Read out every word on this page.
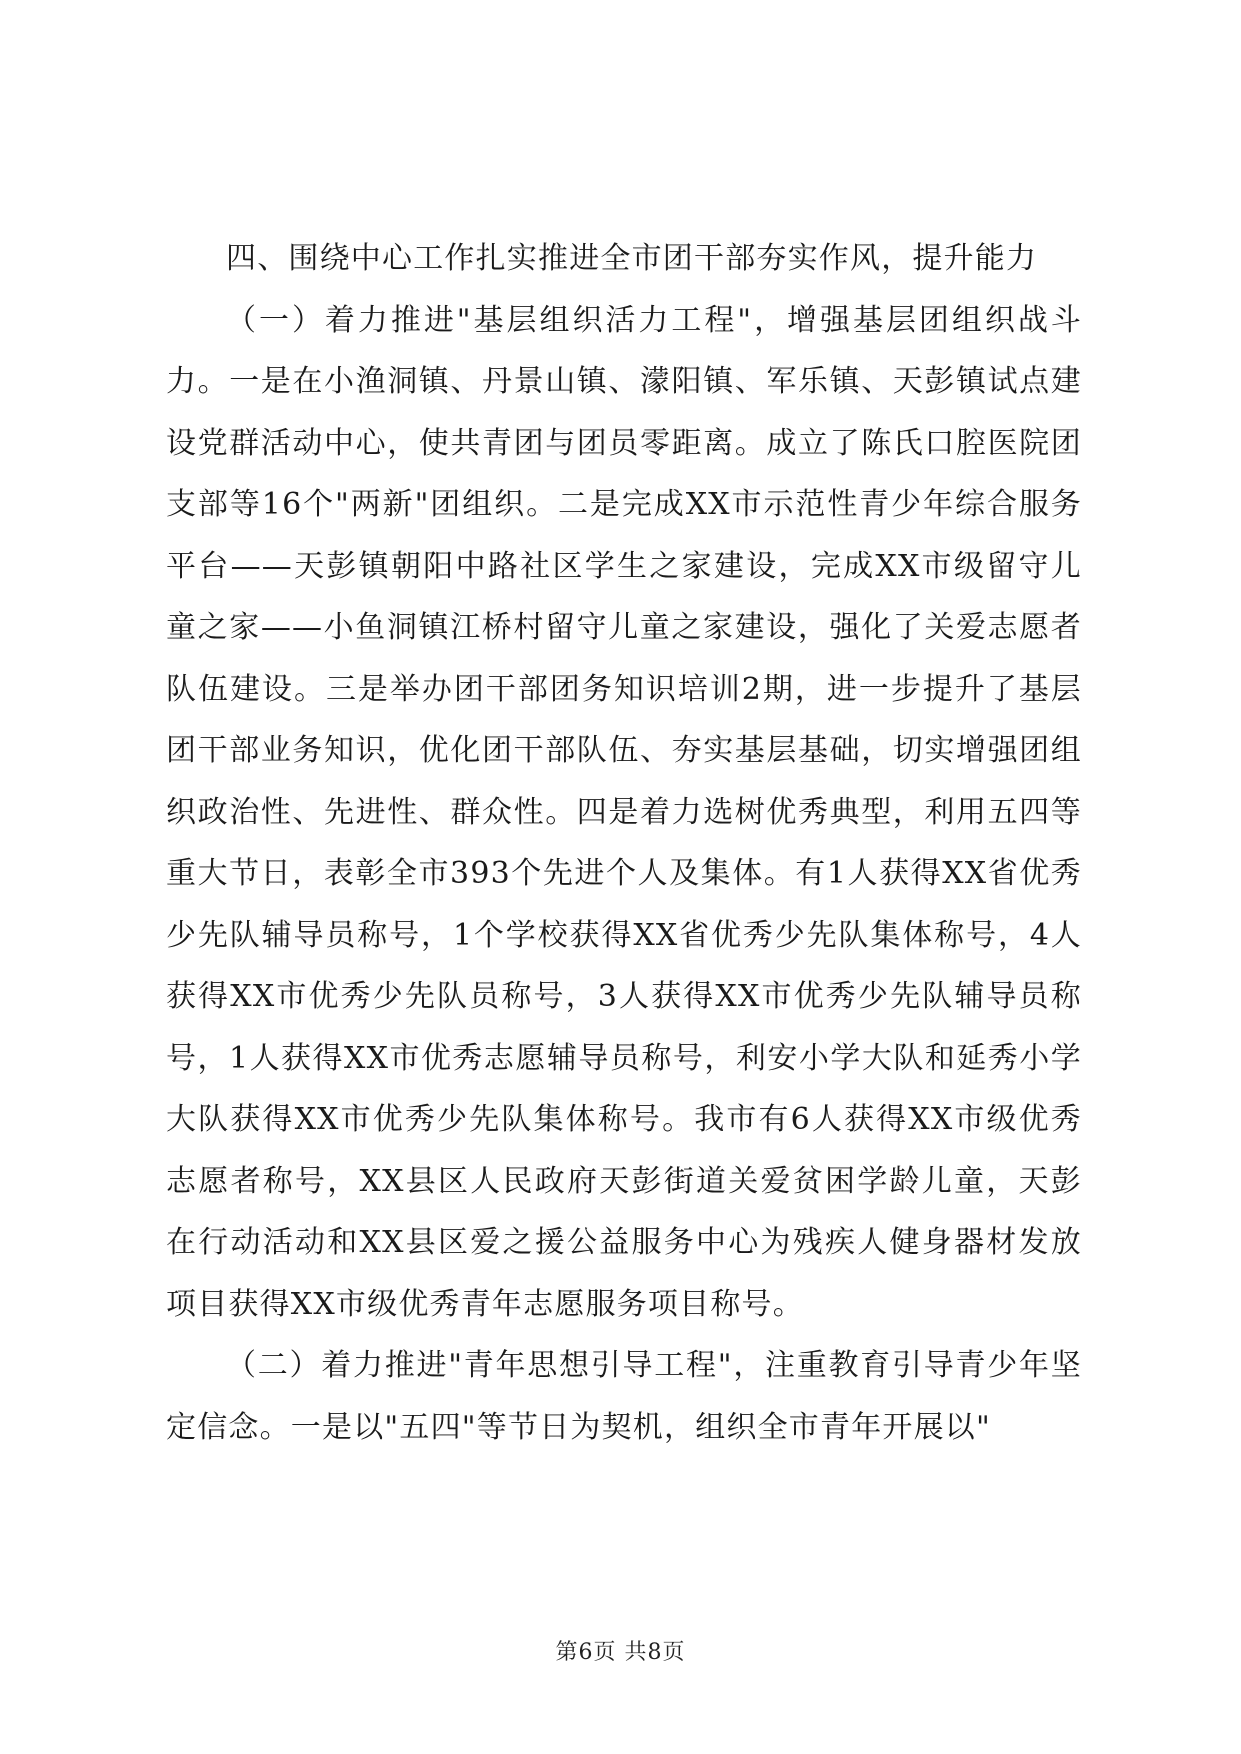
四、围绕中心工作扎实推进全市团干部夯实作风，提升能力

（一）着力推进"基层组织活力工程"，增强基层团组织战斗力。一是在小渔洞镇、丹景山镇、濛阳镇、军乐镇、天彭镇试点建设党群活动中心，使共青团与团员零距离。成立了陈氏口腔医院团支部等16个"两新"团组织。二是完成XX市示范性青少年综合服务平台——天彭镇朝阳中路社区学生之家建设，完成XX市级留守儿童之家——小鱼洞镇江桥村留守儿童之家建设，强化了关爱志愿者队伍建设。三是举办团干部团务知识培训2期，进一步提升了基层团干部业务知识，优化团干部队伍、夯实基层基础，切实增强团组织政治性、先进性、群众性。四是着力选树优秀典型，利用五四等重大节日，表彰全市393个先进个人及集体。有1人获得XX省优秀少先队辅导员称号，1个学校获得XX省优秀少先队集体称号，4人获得XX市优秀少先队员称号，3人获得XX市优秀少先队辅导员称号，1人获得XX市优秀志愿辅导员称号，利安小学大队和延秀小学大队获得XX市优秀少先队集体称号。我市有6人获得XX市级优秀志愿者称号，XX县区人民政府天彭街道关爱贫困学龄儿童，天彭在行动活动和XX县区爱之援公益服务中心为残疾人健身器材发放项目获得XX市级优秀青年志愿服务项目称号。

（二）着力推进"青年思想引导工程"，注重教育引导青少年坚定信念。一是以"五四"等节日为契机，组织全市青年开展以"

第6页 共8页
